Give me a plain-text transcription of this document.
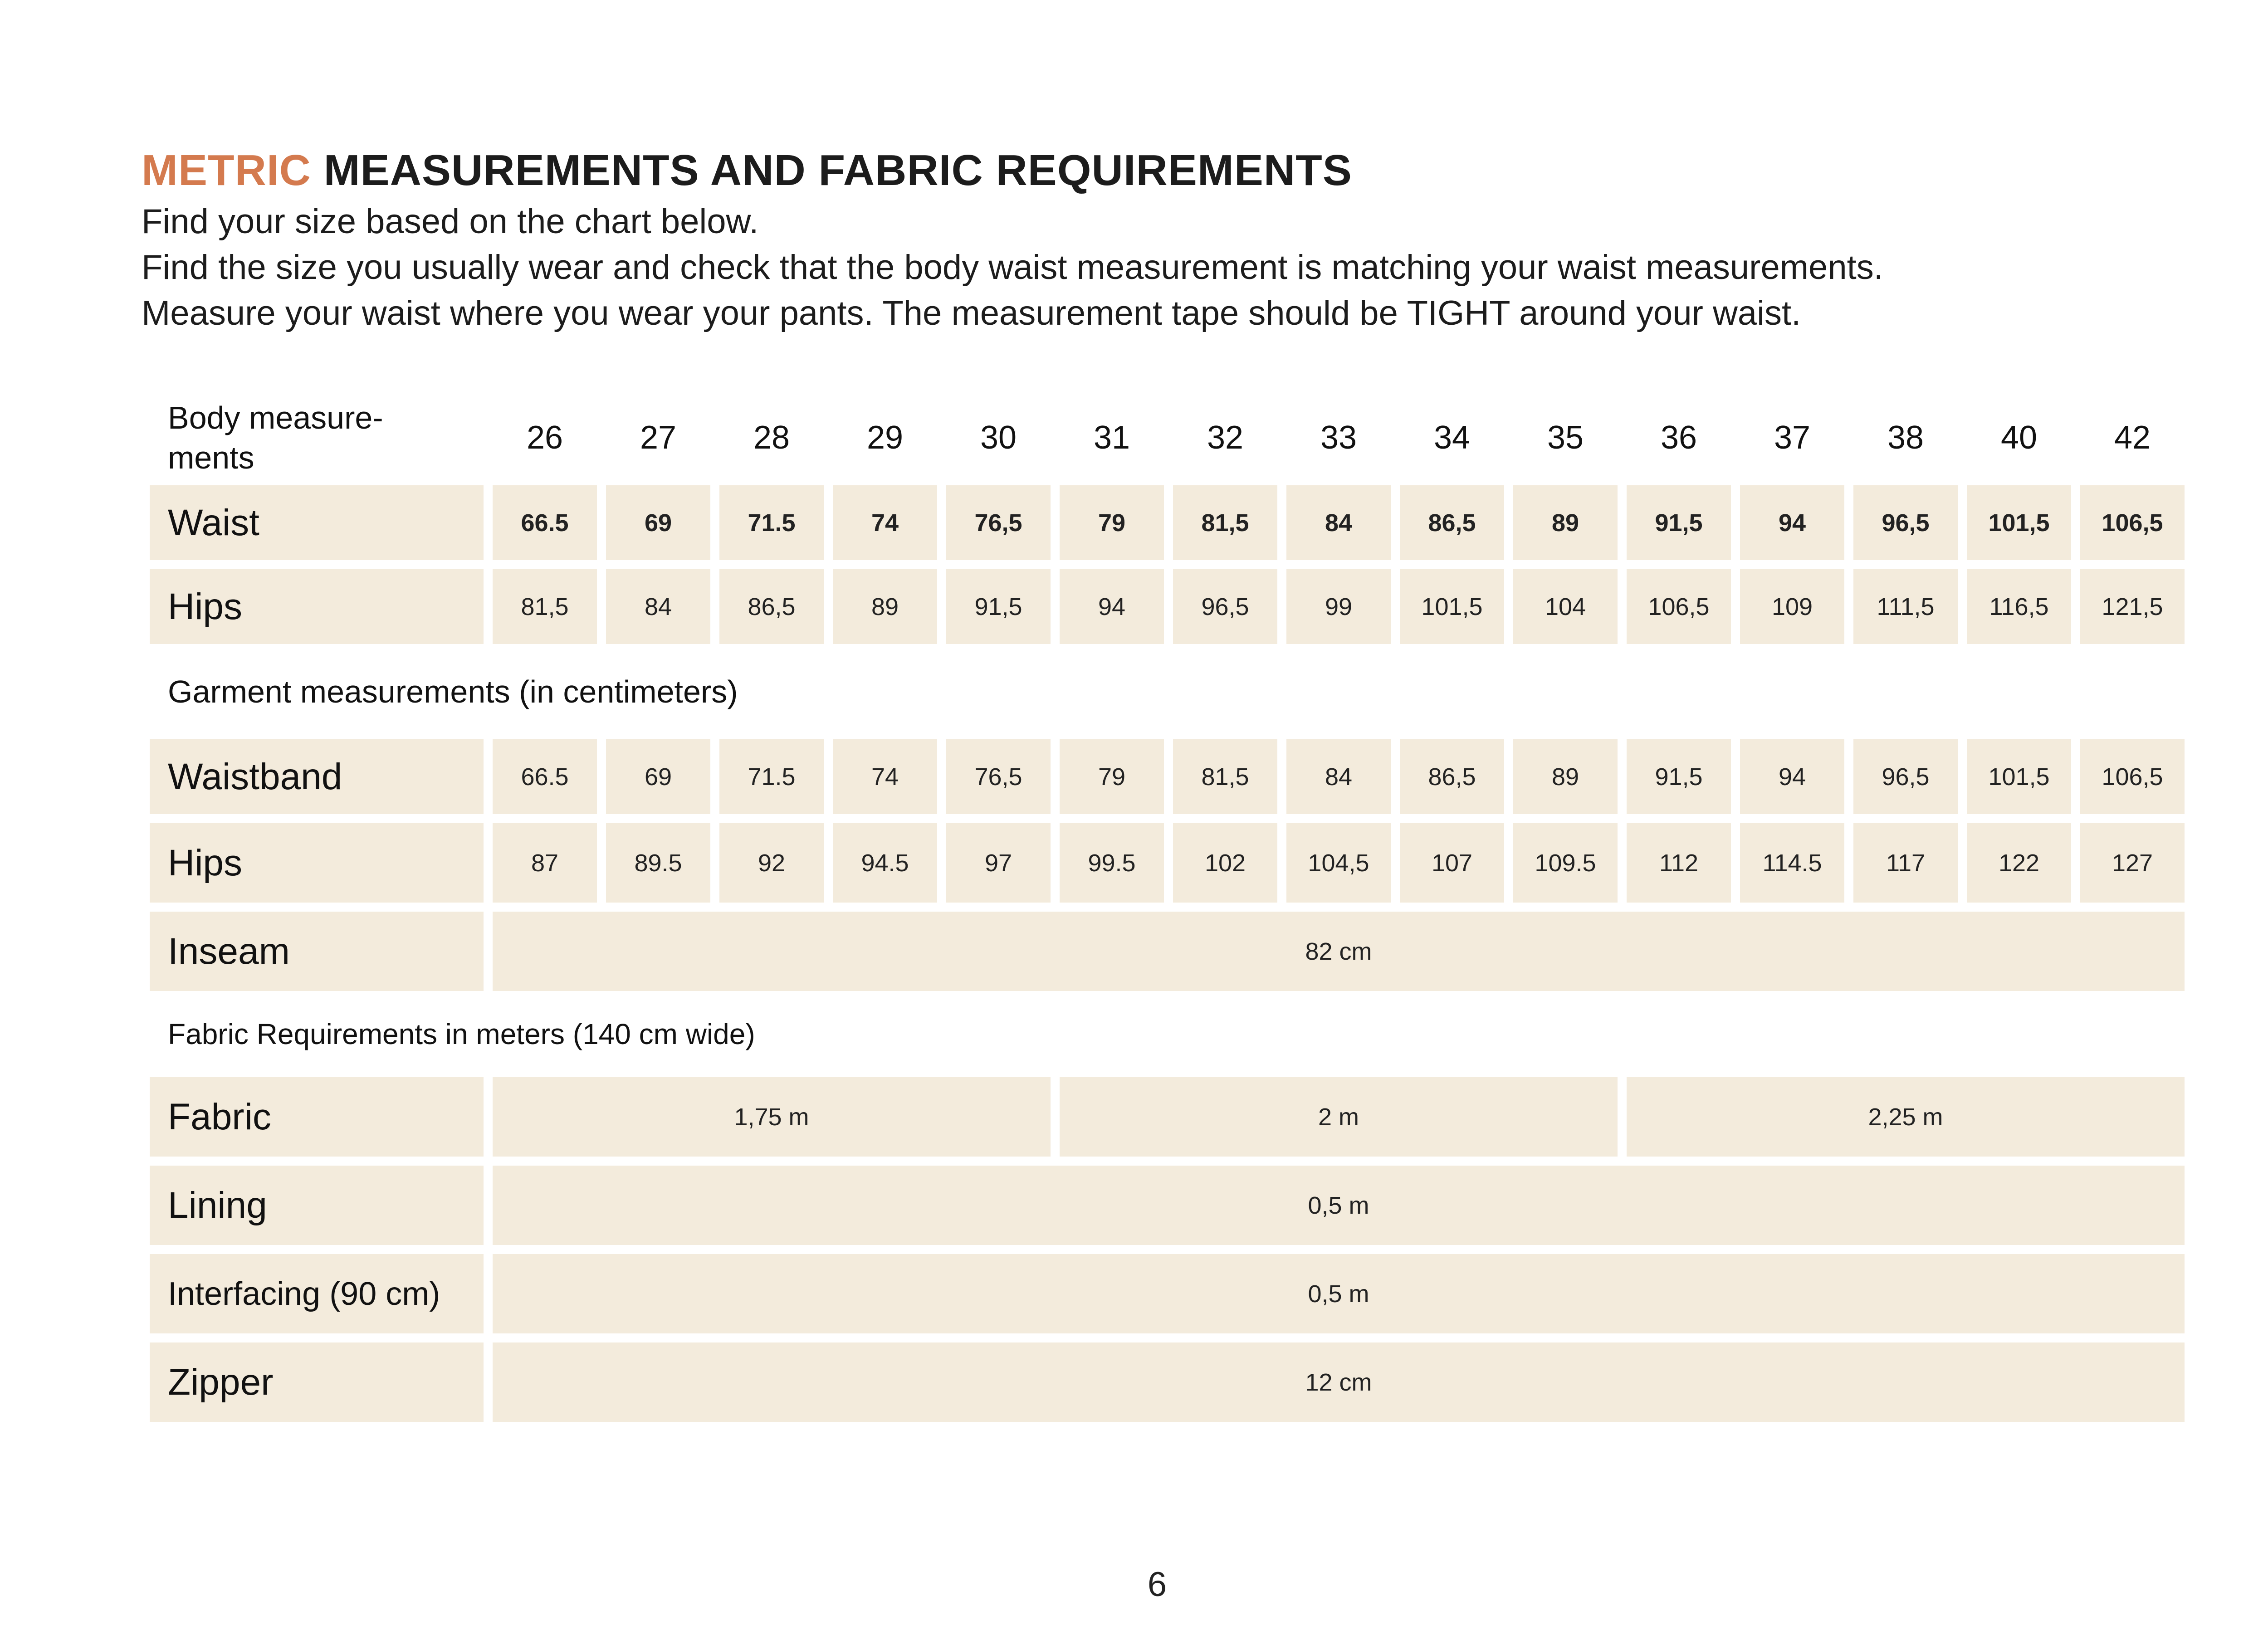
METRIC MEASUREMENTS AND FABRIC REQUIREMENTS

Find your size based on the chart below.

Find the size you usually wear and check that the body waist measurement is matching your waist measurements.

Measure your waist where you wear your pants. The measurement tape should be TIGHT around your waist.

Body measure-
ments
26	27	28	29	30	31	32	33	34	35	36	37	38	40	42
Waist	66.5	69	71.5	74	76,5	79	81,5	84	86,5	89	91,5	94	96,5	101,5	106,5
Hips	81,5	84	86,5	89	91,5	94	96,5	99	101,5	104	106,5	109	111,5	116,5	121,5
Garment measurements (in centimeters)
Waistband	66.5	69	71.5	74	76,5	79	81,5	84	86,5	89	91,5	94	96,5	101,5	106,5
Hips	87	89.5	92	94.5	97	99.5	102	104,5	107	109.5	112	114.5	117	122	127
Inseam	82 cm
Fabric Requirements in meters (140 cm wide)
Fabric	1,75 m	2 m	2,25 m
Lining	0,5 m
Interfacing (90 cm)	0,5 m
Zipper	12 cm
6
